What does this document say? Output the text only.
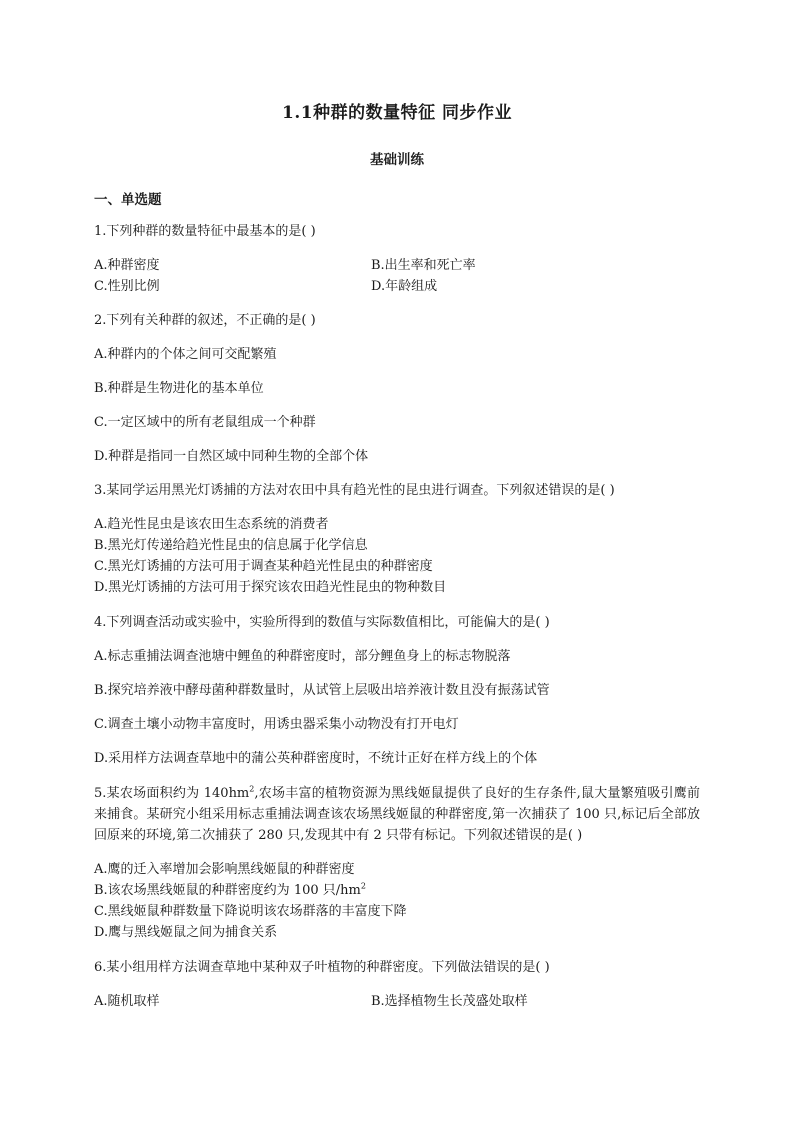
1.1种群的数量特征 同步作业
基础训练
一、单选题
1.下列种群的数量特征中最基本的是( )
A.种群密度	B.出生率和死亡率
C.性别比例	D.年龄组成
2.下列有关种群的叙述，不正确的是( )
A.种群内的个体之间可交配繁殖
B.种群是生物进化的基本单位
C.一定区域中的所有老鼠组成一个种群
D.种群是指同一自然区域中同种生物的全部个体
3.某同学运用黑光灯诱捕的方法对农田中具有趋光性的昆虫进行调查。下列叙述错误的是( )
A.趋光性昆虫是该农田生态系统的消费者
B.黑光灯传递给趋光性昆虫的信息属于化学信息
C.黑光灯诱捕的方法可用于调查某种趋光性昆虫的种群密度
D.黑光灯诱捕的方法可用于探究该农田趋光性昆虫的物种数目
4.下列调查活动或实验中，实验所得到的数值与实际数值相比，可能偏大的是( )
A.标志重捕法调查池塘中鲤鱼的种群密度时，部分鲤鱼身上的标志物脱落
B.探究培养液中酵母菌种群数量时，从试管上层吸出培养液计数且没有振荡试管
C.调查土壤小动物丰富度时，用诱虫器采集小动物没有打开电灯
D.采用样方法调查草地中的蒲公英种群密度时，不统计正好在样方线上的个体
5.某农场面积约为 $140hm^2$,农场丰富的植物资源为黑线姬鼠提供了良好的生存条件,鼠大量繁殖吸引鹰前来捕食。某研究小组采用标志重捕法调查该农场黑线姬鼠的种群密度,第一次捕获了 100 只,标记后全部放回原来的环境,第二次捕获了 280 只,发现其中有 2 只带有标记。下列叙述错误的是( )
A.鹰的迁入率增加会影响黑线姬鼠的种群密度
B.该农场黑线姬鼠的种群密度约为 100 只$/hm^2$
C.黑线姬鼠种群数量下降说明该农场群落的丰富度下降
D.鹰与黑线姬鼠之间为捕食关系
6.某小组用样方法调查草地中某种双子叶植物的种群密度。下列做法错误的是( )
A.随机取样	B.选择植物生长茂盛处取样
